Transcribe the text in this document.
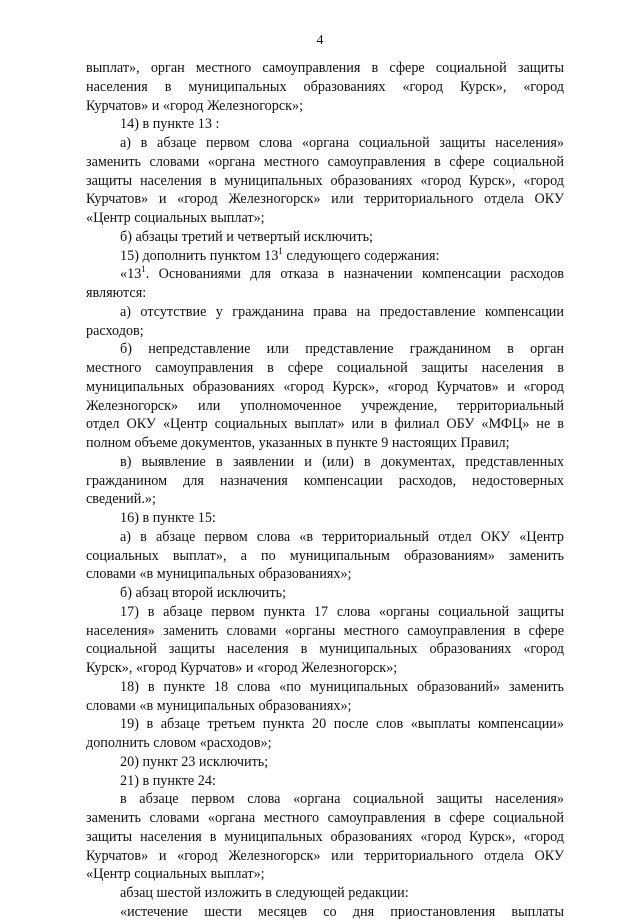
4
выплат», орган местного самоуправления в сфере социальной защиты
населения в муниципальных образованиях «город Курск», «город
Курчатов» и «город Железногорск»;
14) в пункте 13 :
а) в абзаце первом слова «органа социальной защиты населения»
заменить словами «органа местного самоуправления в сфере социальной
защиты населения в муниципальных образованиях «город Курск», «город
Курчатов» и «город Железногорск» или территориального отдела ОКУ
«Центр социальных выплат»;
б) абзацы третий и четвертый исключить;
15) дополнить пунктом $13^1$ следующего содержания:
«$13^1$. Основаниями для отказа в назначении компенсации расходов
являются:
а) отсутствие у гражданина права на предоставление компенсации
расходов;
б) непредставление или представление гражданином в орган
местного самоуправления в сфере социальной защиты населения в
муниципальных образованиях «город Курск», «город Курчатов» и «город
Железногорск» или уполномоченное учреждение, территориальный
отдел ОКУ «Центр социальных выплат» или в филиал ОБУ «МФЦ» не в
полном объеме документов, указанных в пункте 9 настоящих Правил;
в) выявление в заявлении и (или) в документах, представленных
гражданином для назначения компенсации расходов, недостоверных
сведений.»;
16) в пункте 15:
а) в абзаце первом слова «в территориальный отдел ОКУ «Центр
социальных выплат», а по муниципальным образованиям» заменить
словами «в муниципальных образованиях»;
б) абзац второй исключить;
17) в абзаце первом пункта 17 слова «органы социальной защиты
населения» заменить словами «органы местного самоуправления в сфере
социальной защиты населения в муниципальных образованиях «город
Курск», «город Курчатов» и «город Железногорск»;
18) в пункте 18 слова «по муниципальных образований» заменить
словами «в муниципальных образованиях»;
19) в абзаце третьем пункта 20 после слов «выплаты компенсации»
дополнить словом «расходов»;
20) пункт 23 исключить;
21) в пункте 24:
в абзаце первом слова «органа социальной защиты населения»
заменить словами «органа местного самоуправления в сфере социальной
защиты населения в муниципальных образованиях «город Курск», «город
Курчатов» и «город Железногорск» или территориального отдела ОКУ
«Центр социальных выплат»;
абзац шестой изложить в следующей редакции:
«истечение шести месяцев со дня приостановления выплаты
